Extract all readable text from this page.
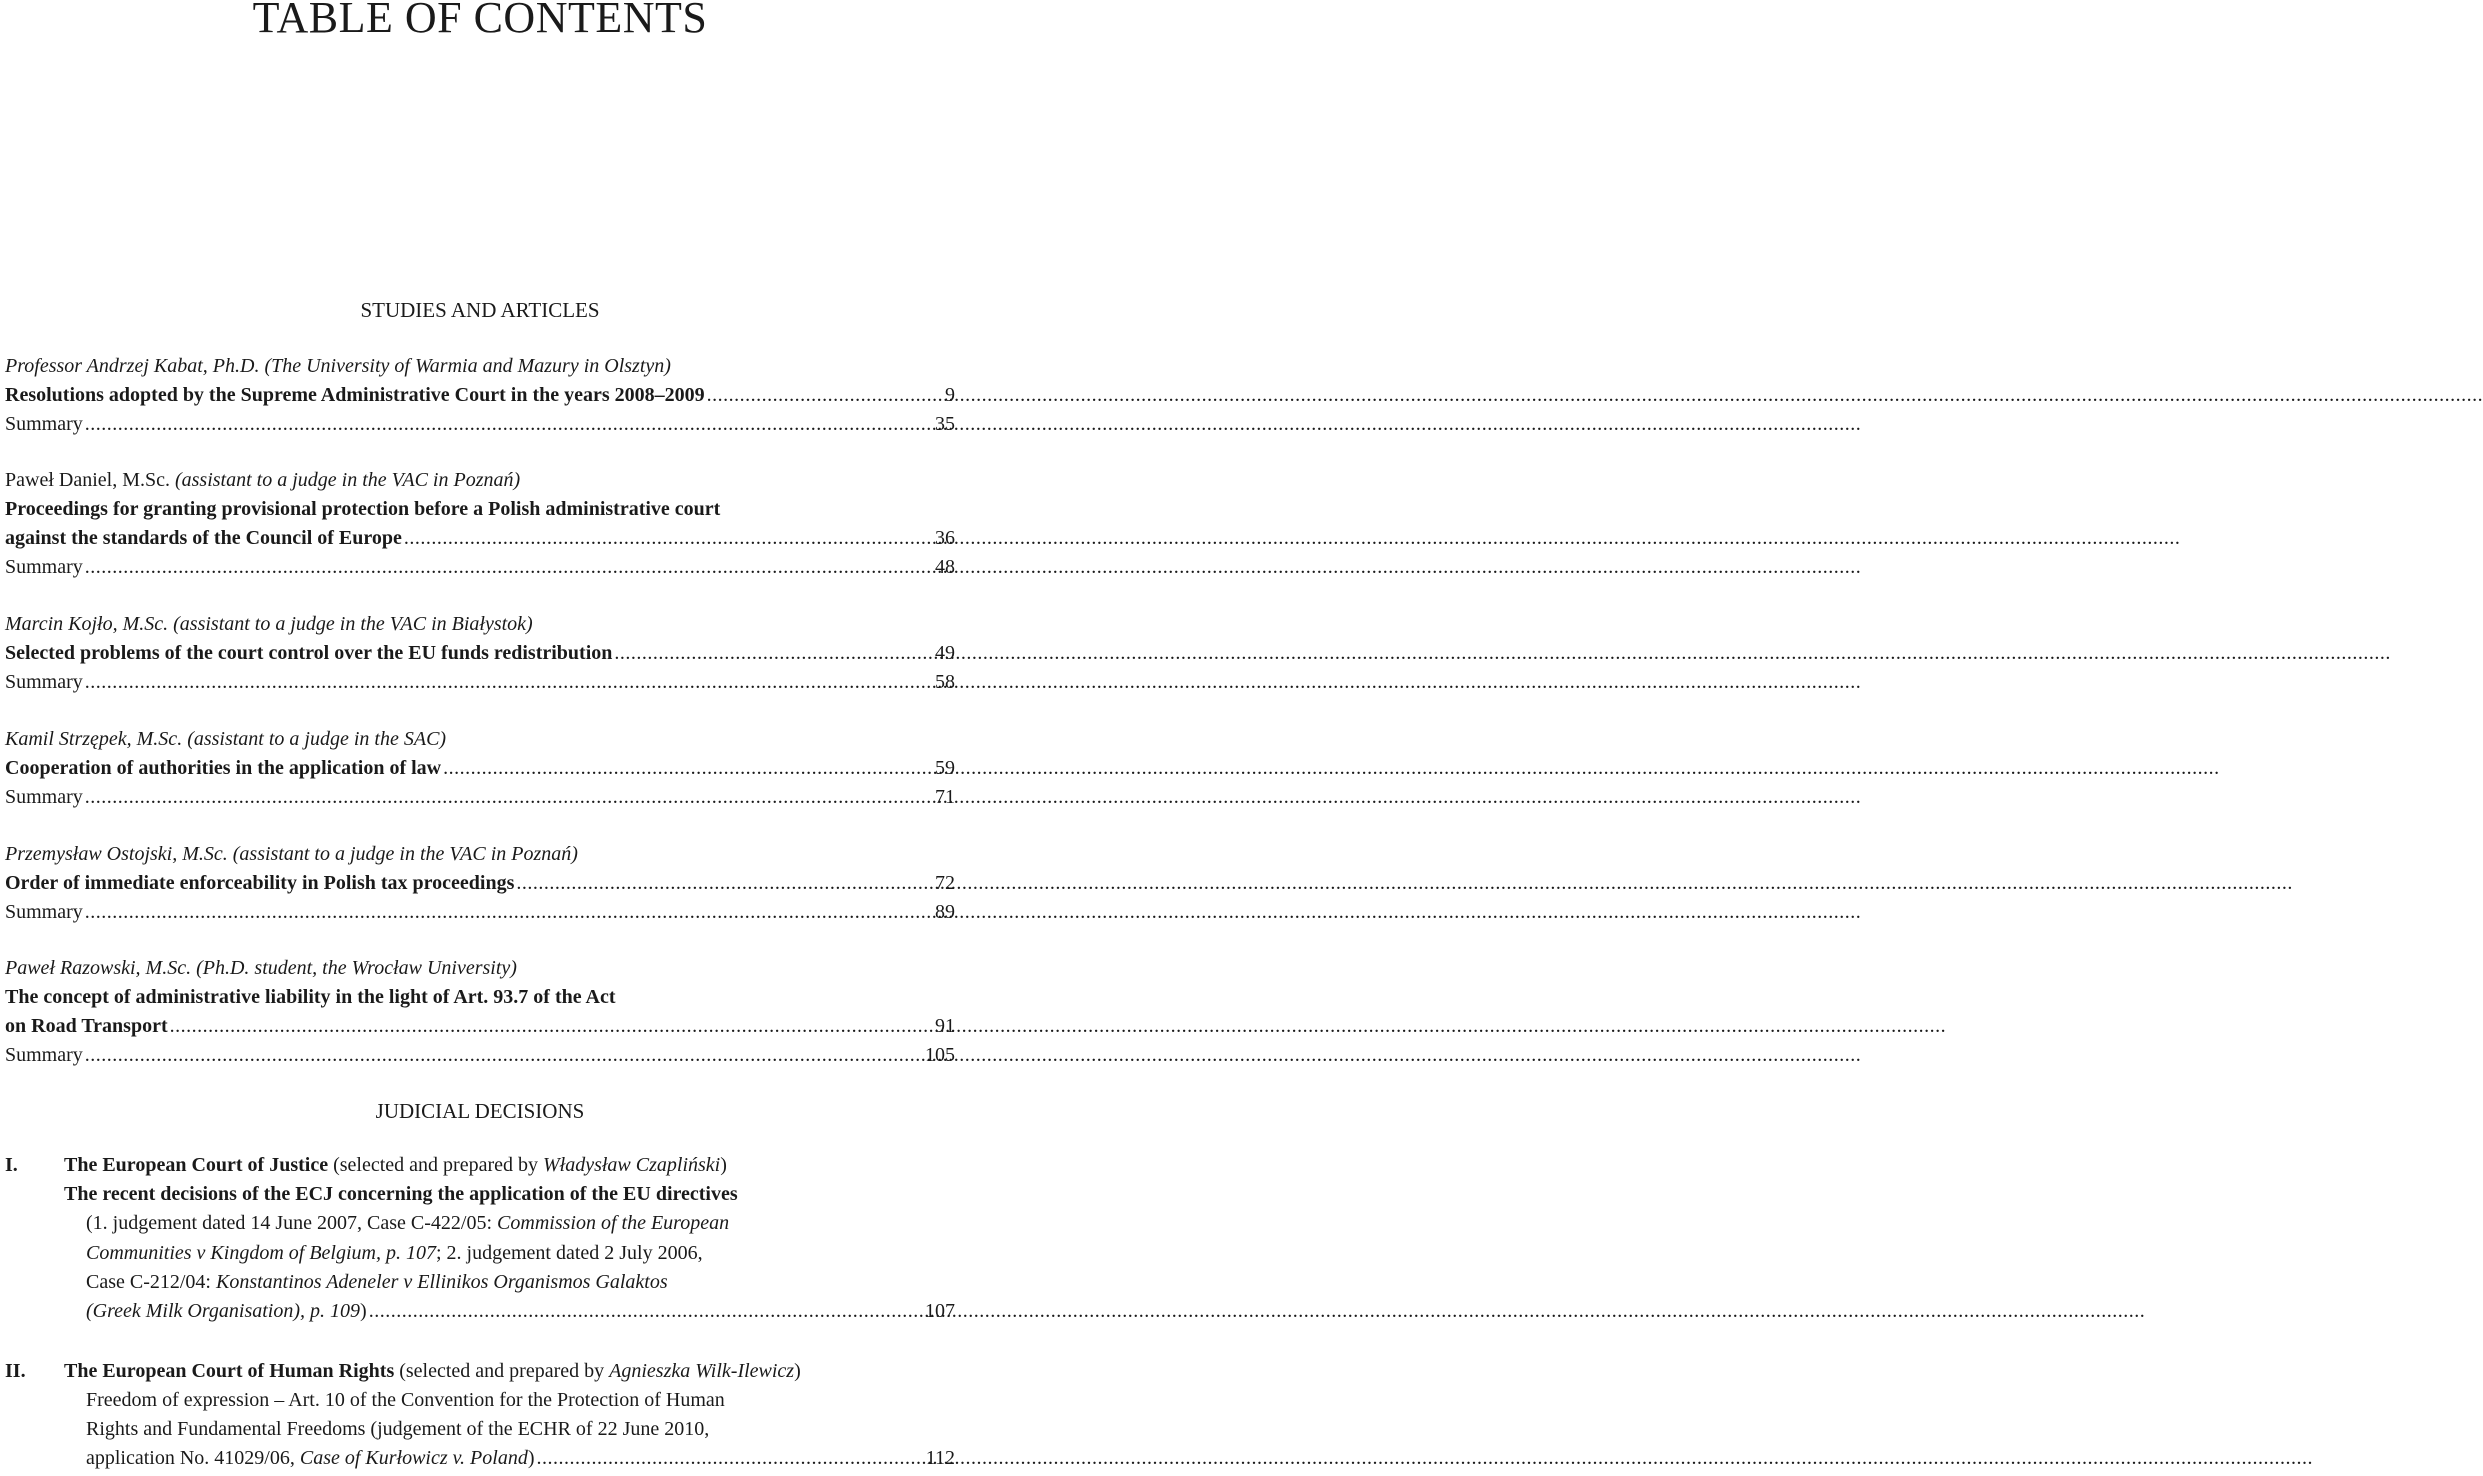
TABLE OF CONTENTS
STUDIES AND ARTICLES
Professor Andrzej Kabat, Ph.D. (The University of Warmia and Mazury in Olsztyn)
Resolutions adopted by the Supreme Administrative Court in the years 2008–2009 .....	9
Summary .....	35
Paweł Daniel, M.Sc. (assistant to a judge in the VAC in Poznań)
Proceedings for granting provisional protection before a Polish administrative court
against the standards of the Council of Europe .....	36
Summary .....	48
Marcin Kojło, M.Sc. (assistant to a judge in the VAC in Białystok)
Selected problems of the court control over the EU funds redistribution .....	49
Summary .....	58
Kamil Strzępek, M.Sc. (assistant to a judge in the SAC)
Cooperation of authorities in the application of law .....	59
Summary .....	71
Przemysław Ostojski, M.Sc. (assistant to a judge in the VAC in Poznań)
Order of immediate enforceability in Polish tax proceedings .....	72
Summary .....	89
Paweł Razowski, M.Sc. (Ph.D. student, the Wrocław University)
The concept of administrative liability in the light of Art. 93.7 of the Act
on Road Transport .....	91
Summary .....	105
JUDICIAL DECISIONS
I. The European Court of Justice (selected and prepared by Władysław Czapliński)
The recent decisions of the ECJ concerning the application of the EU directives
(1. judgement dated 14 June 2007, Case C-422/05: Commission of the European
Communities v Kingdom of Belgium, p. 107; 2. judgement dated 2 July 2006,
Case C-212/04: Konstantinos Adeneler v Ellinikos Organismos Galaktos
(Greek Milk Organisation), p. 109) .....	107
II. The European Court of Human Rights (selected and prepared by Agnieszka Wilk-Ilewicz)
Freedom of expression – Art. 10 of the Convention for the Protection of Human
Rights and Fundamental Freedoms (judgement of the ECHR of 22 June 2010,
application No. 41029/06, Case of Kurłowicz v. Poland) .....	112
